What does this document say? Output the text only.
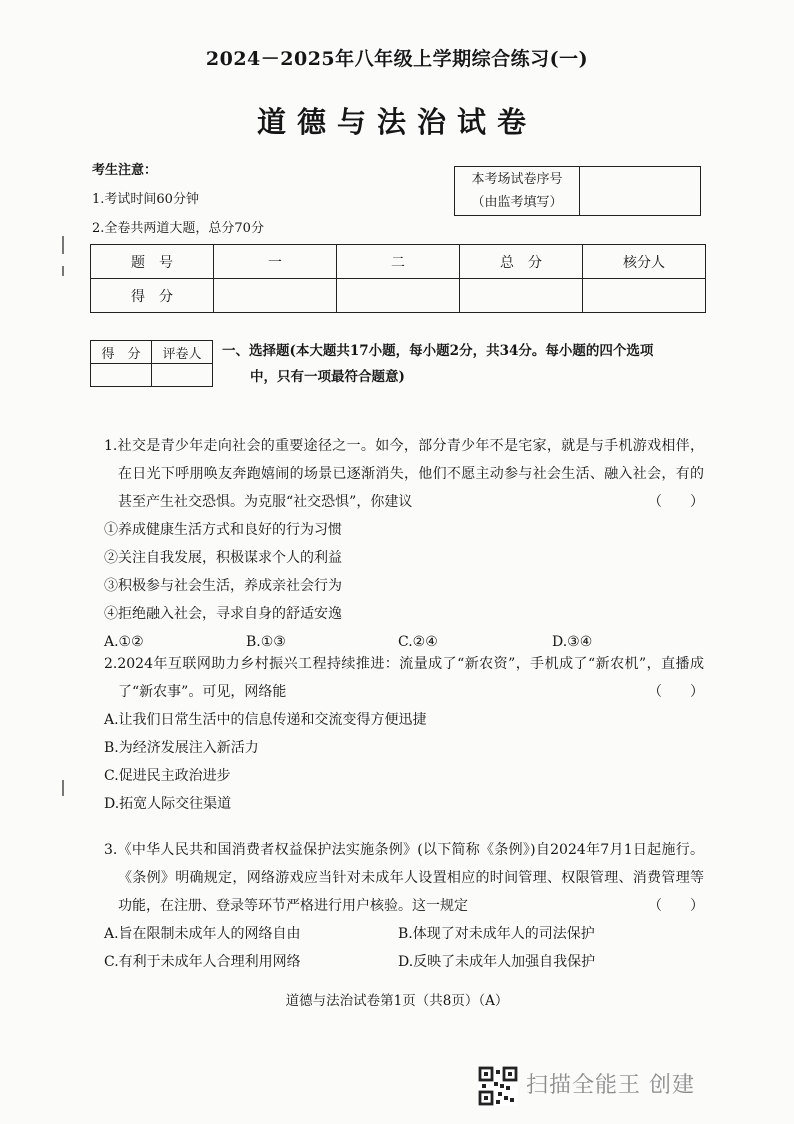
2024－2025年八年级上学期综合练习(一)
道德与法治试卷
考生注意：
1.考试时间60分钟
2.全卷共两道大题，总分70分
本考场试卷序号
（由监考填写）

题　号	一	二	总　分	核分人
得　分				
得　分	评卷人
	一、选择题(本大题共17小题，每小题2分，共34分。每小题的四个选项
中，只有一项最符合题意)

1.社交是青少年走向社会的重要途径之一。如今，部分青少年不是宅家，就是与手机游戏相伴，在日光下呼朋唤友奔跑嬉闹的场景已逐渐消失，他们不愿主动参与社会生活、融入社会，有的甚至产生社交恐惧。为克服“社交恐惧”，你建议	（　　）

①养成健康生活方式和良好的行为习惯

②关注自我发展，积极谋求个人的利益

③积极参与社会生活，养成亲社会行为

④拒绝融入社会，寻求自身的舒适安逸

A.①②	B.①③	C.②④	D.③④

2.2024年互联网助力乡村振兴工程持续推进：流量成了“新农资”，手机成了“新农机”，直播成了“新农事”。可见，网络能	（　　）

A.让我们日常生活中的信息传递和交流变得方便迅捷

B.为经济发展注入新活力

C.促进民主政治进步

D.拓宽人际交往渠道

3.《中华人民共和国消费者权益保护法实施条例》(以下简称《条例》)自2024年7月1日起施行。《条例》明确规定，网络游戏应当针对未成年人设置相应的时间管理、权限管理、消费管理等功能，在注册、登录等环节严格进行用户核验。这一规定	（　　）

A.旨在限制未成年人的网络自由	B.体现了对未成年人的司法保护
C.有利于未成年人合理利用网络	D.反映了未成年人加强自我保护
道德与法治试卷第1页（共8页）（A）
扫描全能王 创建
